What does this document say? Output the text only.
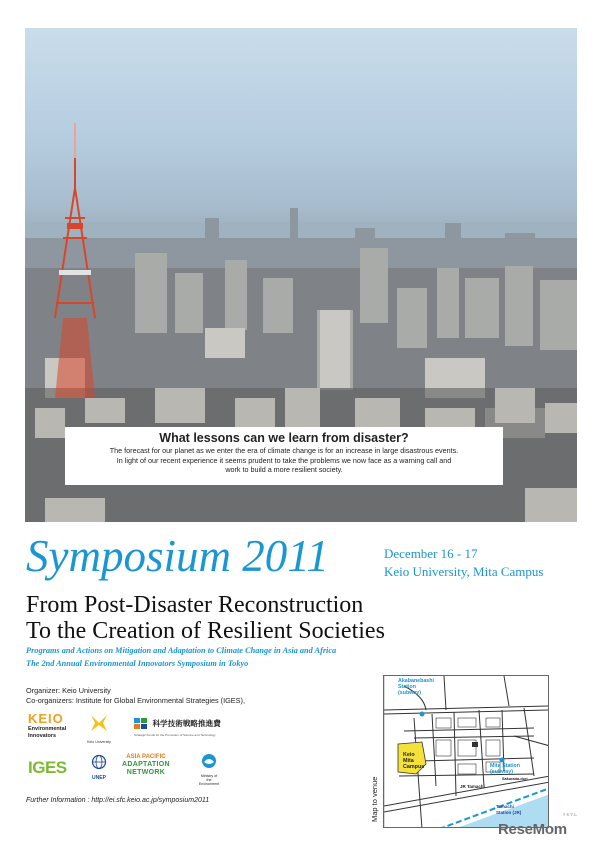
What lessons can we learn from disaster?
The forecast for our planet as we enter the era of climate change is for an increase in large disastrous events.
In light of our recent experience it seems prudent to take the problems we now face as a warning call and
work to build a more resilient society.
Symposium 2011	December 16 - 17
Keio University, Mita Campus
From Post-Disaster Reconstruction
To the Creation of Resilient Societies
Programs and Actions on Mitigation and Adaptation to Climate Change in Asia and Africa
The 2nd Annual Environmental Innovators Symposium in Tokyo
Organizer: Keio University
Co-organizers: Institute for Global Environmental Strategies (IGES),
KEIO
Environmental
Innovators
Keio University
科学技術戦略推進費
Strategic Funds for the Promotion of Science and Technology
IGES
UNEP
ASIA PACIFIC
ADAPTATION
NETWORK	Ministry of
the Environment
Further Information : http://ei.sfc.keio.ac.jp/symposium2011	Map to venue
Akabanebashi
Station
(subway)
Keio
Mita
Campus	Mita Station
(subway)
JR Tamachi
Sakurada-dori
Tamachi
Station (JR)
ReseMom
リセマム
